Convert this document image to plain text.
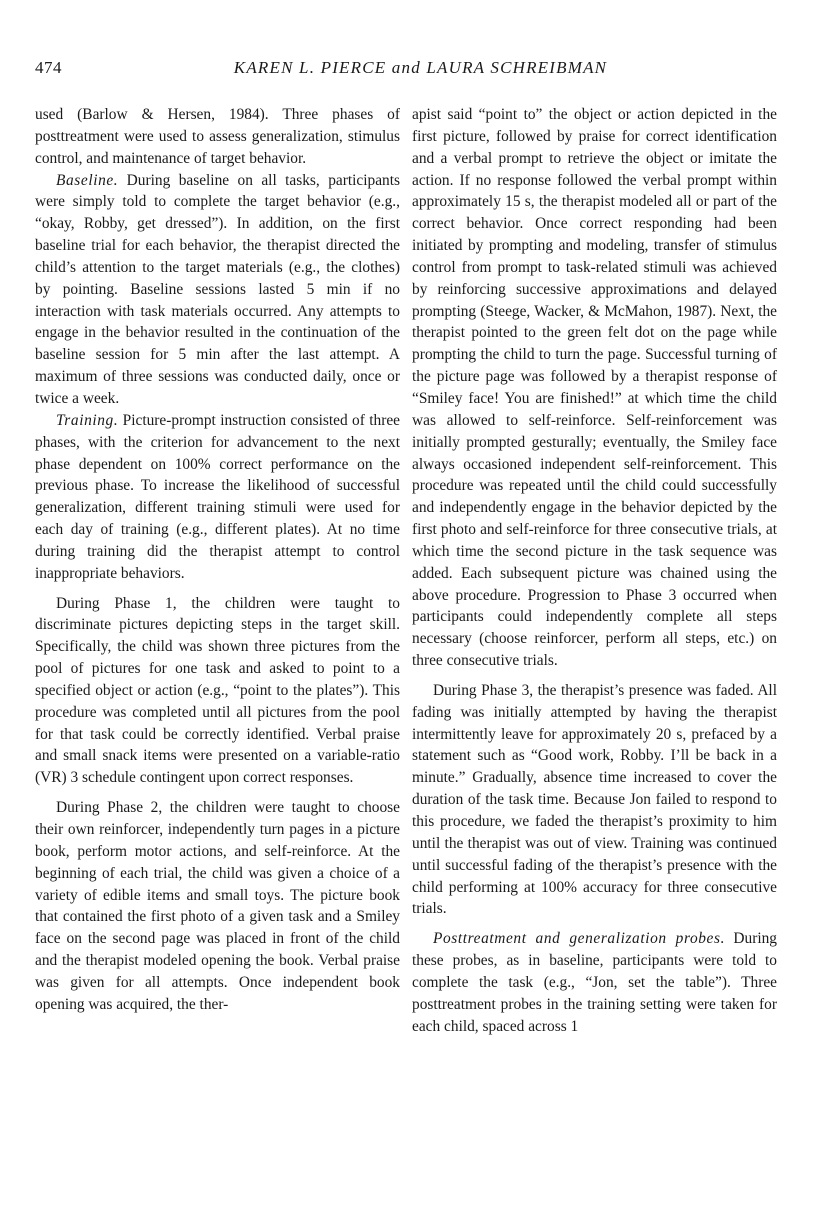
474	KAREN L. PIERCE and LAURA SCHREIBMAN

used (Barlow & Hersen, 1984). Three phases of posttreatment were used to assess generalization, stimulus control, and maintenance of target behavior.

Baseline. During baseline on all tasks, participants were simply told to complete the target behavior (e.g., “okay, Robby, get dressed”). In addition, on the first baseline trial for each behavior, the therapist directed the child’s attention to the target materials (e.g., the clothes) by pointing. Baseline sessions lasted 5 min if no interaction with task materials occurred. Any attempts to engage in the behavior resulted in the continuation of the baseline session for 5 min after the last attempt. A maximum of three sessions was conducted daily, once or twice a week.

Training. Picture-prompt instruction consisted of three phases, with the criterion for advancement to the next phase dependent on 100% correct performance on the previous phase. To increase the likelihood of successful generalization, different training stimuli were used for each day of training (e.g., different plates). At no time during training did the therapist attempt to control inappropriate behaviors.

During Phase 1, the children were taught to discriminate pictures depicting steps in the target skill. Specifically, the child was shown three pictures from the pool of pictures for one task and asked to point to a specified object or action (e.g., “point to the plates”). This procedure was completed until all pictures from the pool for that task could be correctly identified. Verbal praise and small snack items were presented on a variable-ratio (VR) 3 schedule contingent upon correct responses.

During Phase 2, the children were taught to choose their own reinforcer, independently turn pages in a picture book, perform motor actions, and self-reinforce. At the beginning of each trial, the child was given a choice of a variety of edible items and small toys. The picture book that contained the first photo of a given task and a Smiley face on the second page was placed in front of the child and the therapist modeled opening the book. Verbal praise was given for all attempts. Once independent book opening was acquired, the ther-

apist said “point to” the object or action depicted in the first picture, followed by praise for correct identification and a verbal prompt to retrieve the object or imitate the action. If no response followed the verbal prompt within approximately 15 s, the therapist modeled all or part of the correct behavior. Once correct responding had been initiated by prompting and modeling, transfer of stimulus control from prompt to task-related stimuli was achieved by reinforcing successive approximations and delayed prompting (Steege, Wacker, & McMahon, 1987). Next, the therapist pointed to the green felt dot on the page while prompting the child to turn the page. Successful turning of the picture page was followed by a therapist response of “Smiley face! You are finished!” at which time the child was allowed to self-reinforce. Self-reinforcement was initially prompted gesturally; eventually, the Smiley face always occasioned independent self-reinforcement. This procedure was repeated until the child could successfully and independently engage in the behavior depicted by the first photo and self-reinforce for three consecutive trials, at which time the second picture in the task sequence was added. Each subsequent picture was chained using the above procedure. Progression to Phase 3 occurred when participants could independently complete all steps necessary (choose reinforcer, perform all steps, etc.) on three consecutive trials.

During Phase 3, the therapist’s presence was faded. All fading was initially attempted by having the therapist intermittently leave for approximately 20 s, prefaced by a statement such as “Good work, Robby. I’ll be back in a minute.” Gradually, absence time increased to cover the duration of the task time. Because Jon failed to respond to this procedure, we faded the therapist’s proximity to him until the therapist was out of view. Training was continued until successful fading of the therapist’s presence with the child performing at 100% accuracy for three consecutive trials.

Posttreatment and generalization probes. During these probes, as in baseline, participants were told to complete the task (e.g., “Jon, set the table”). Three posttreatment probes in the training setting were taken for each child, spaced across 1
